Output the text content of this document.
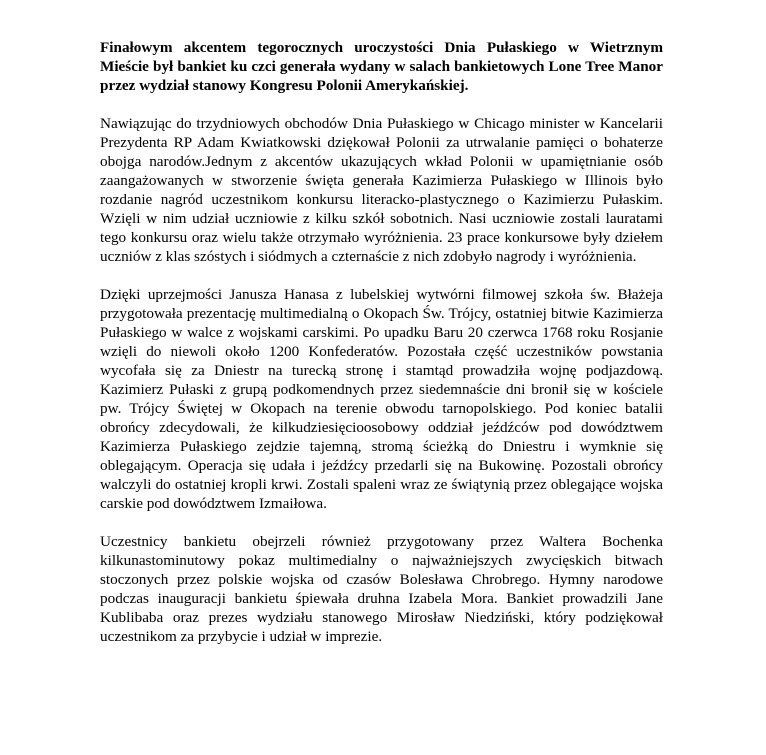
Finałowym akcentem tegorocznych uroczystości Dnia Pułaskiego w Wietrznym Mieście był bankiet ku czci generała wydany w salach bankietowych Lone Tree Manor przez wydział stanowy Kongresu Polonii Amerykańskiej.

Nawiązując do trzydniowych obchodów Dnia Pułaskiego w Chicago minister w Kancelarii Prezydenta RP Adam Kwiatkowski dziękował Polonii za utrwalanie pamięci o bohaterze obojga narodów.Jednym z akcentów ukazujących wkład Polonii w upamiętnianie osób zaangażowanych w stworzenie święta generała Kazimierza Pułaskiego w Illinois było rozdanie nagród uczestnikom konkursu literacko-plastycznego o Kazimierzu Pułaskim. Wzięli w nim udział uczniowie z kilku szkół sobotnich. Nasi uczniowie zostali lauratami tego konkursu oraz wielu także otrzymało wyróżnienia. 23 prace konkursowe były dziełem uczniów z klas szóstych i siódmych a czternaście z nich zdobyło nagrody i wyróżnienia.

Dzięki uprzejmości Janusza Hanasa z lubelskiej wytwórni filmowej szkoła św. Błażeja przygotowała prezentację multimedialną o Okopach Św. Trójcy, ostatniej bitwie Kazimierza Pułaskiego w walce z wojskami carskimi. Po upadku Baru 20 czerwca 1768 roku Rosjanie wzięli do niewoli około 1200 Konfederatów. Pozostała część uczestników powstania wycofała się za Dniestr na turecką stronę i stamtąd prowadziła wojnę podjazdową. Kazimierz Pułaski z grupą podkomendnych przez siedemnaście dni bronił się w kościele pw. Trójcy Świętej w Okopach na terenie obwodu tarnopolskiego. Pod koniec batalii obrońcy zdecydowali, że kilkudziesięcioosobowy oddział jeźdźców pod dowództwem Kazimierza Pułaskiego zejdzie tajemną, stromą ścieżką do Dniestru i wymknie się oblegającym. Operacja się udała i jeźdźcy przedarli się na Bukowinę. Pozostali obrońcy walczyli do ostatniej kropli krwi. Zostali spaleni wraz ze świątynią przez oblegające wojska carskie pod dowództwem Izmaiłowa.

Uczestnicy bankietu obejrzeli również przygotowany przez Waltera Bochenka kilkunastominutowy pokaz multimedialny o najważniejszych zwycięskich bitwach stoczonych przez polskie wojska od czasów Bolesława Chrobrego. Hymny narodowe podczas inauguracji bankietu śpiewała druhna Izabela Mora. Bankiet prowadzili Jane Kublibaba oraz prezes wydziału stanowego Mirosław Niedziński, który podziękował uczestnikom za przybycie i udział w imprezie.
